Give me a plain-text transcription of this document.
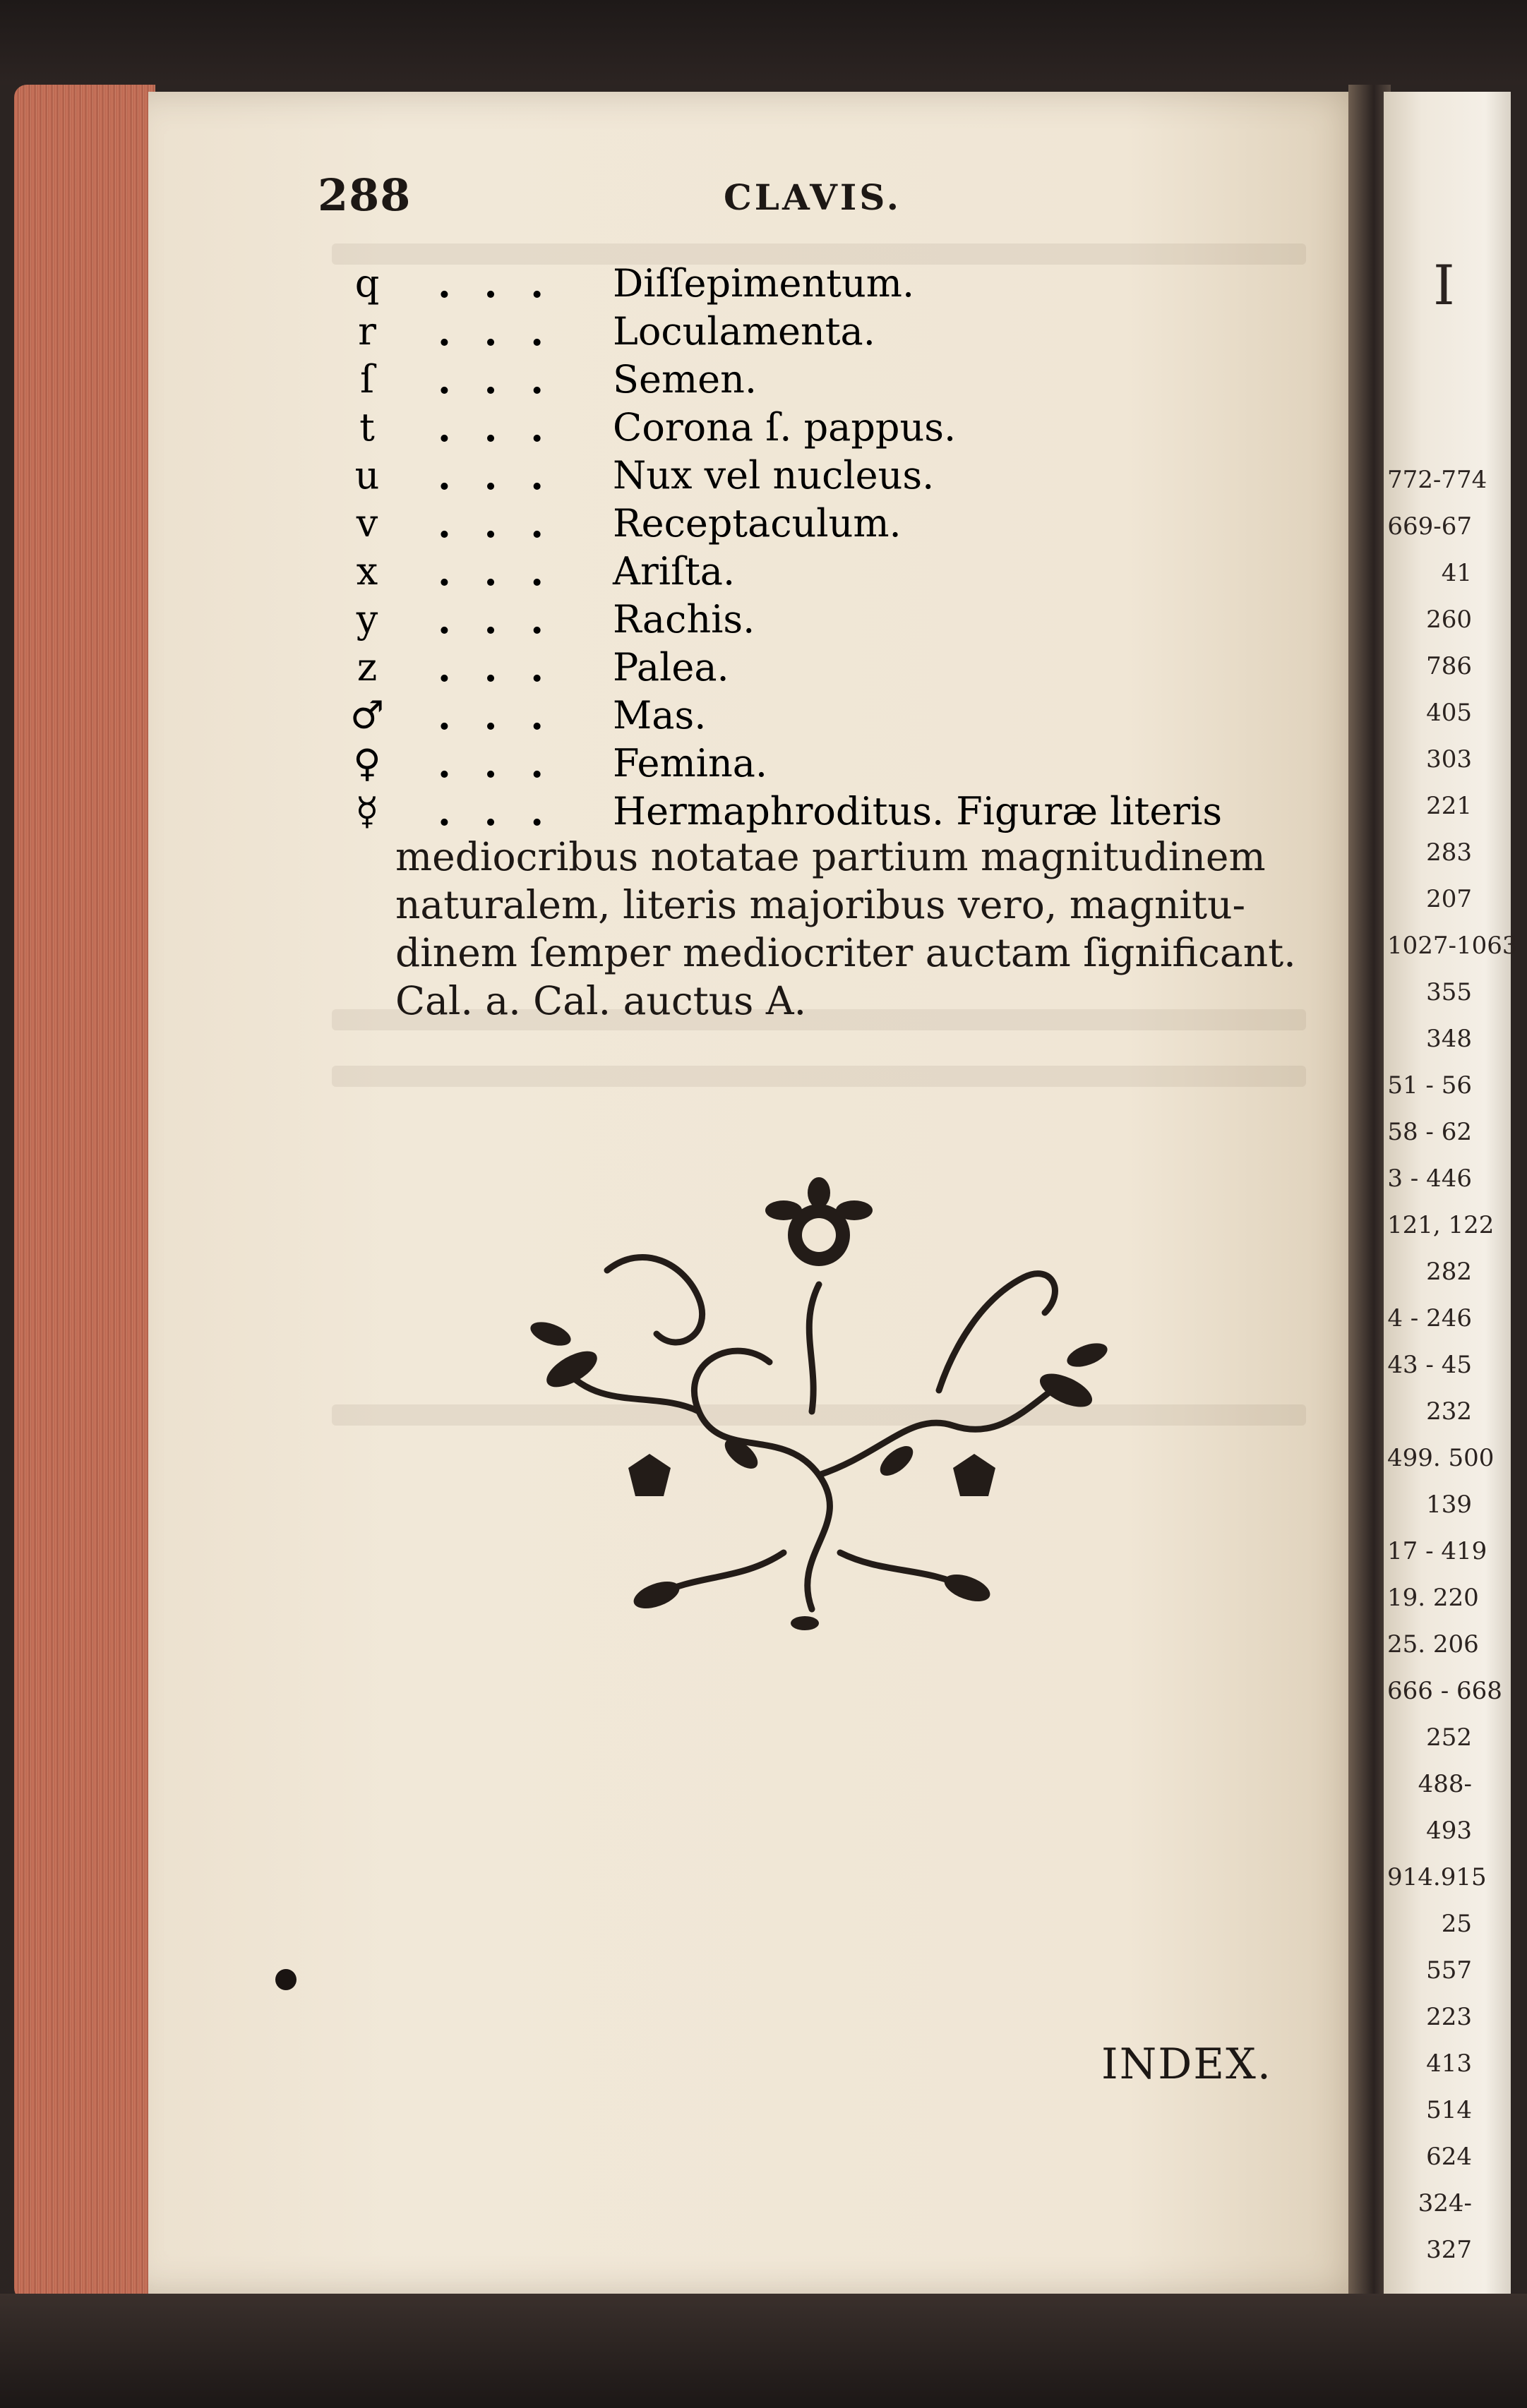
288	CLAVIS.
q . . .	Diſſepimentum.
r	. . .	Loculamenta.
ſ	. . .	Semen.
t	. . .	Corona ſ. pappus.
u . . .	Nux vel nucleus.
v . . .	Receptaculum.
x . . .	Ariſta.
y . . .	Rachis.
z . . .	Palea.
♂ . . .	Mas.
♀ . . .	Femina.
☿ . . .	Hermaphroditus. Figuræ literis
mediocribus notatae partium magnitudinem
naturalem, literis majoribus vero, magnitu-
dinem ſemper mediocriter auctam ſignificant.
Cal. a. Cal. auctus A.
INDEX.
I
772-774
669-67
41
260
786
405
303
221
283
207
1027-1063
355
348
51 - 56
58 - 62
3 - 446
121, 122
282
4 - 246
43 - 45
232
499. 500
139
17 - 419
19. 220
25. 206
666 - 668
252
488-
493
914.915
25
557
223
413
514
624
324-
327
